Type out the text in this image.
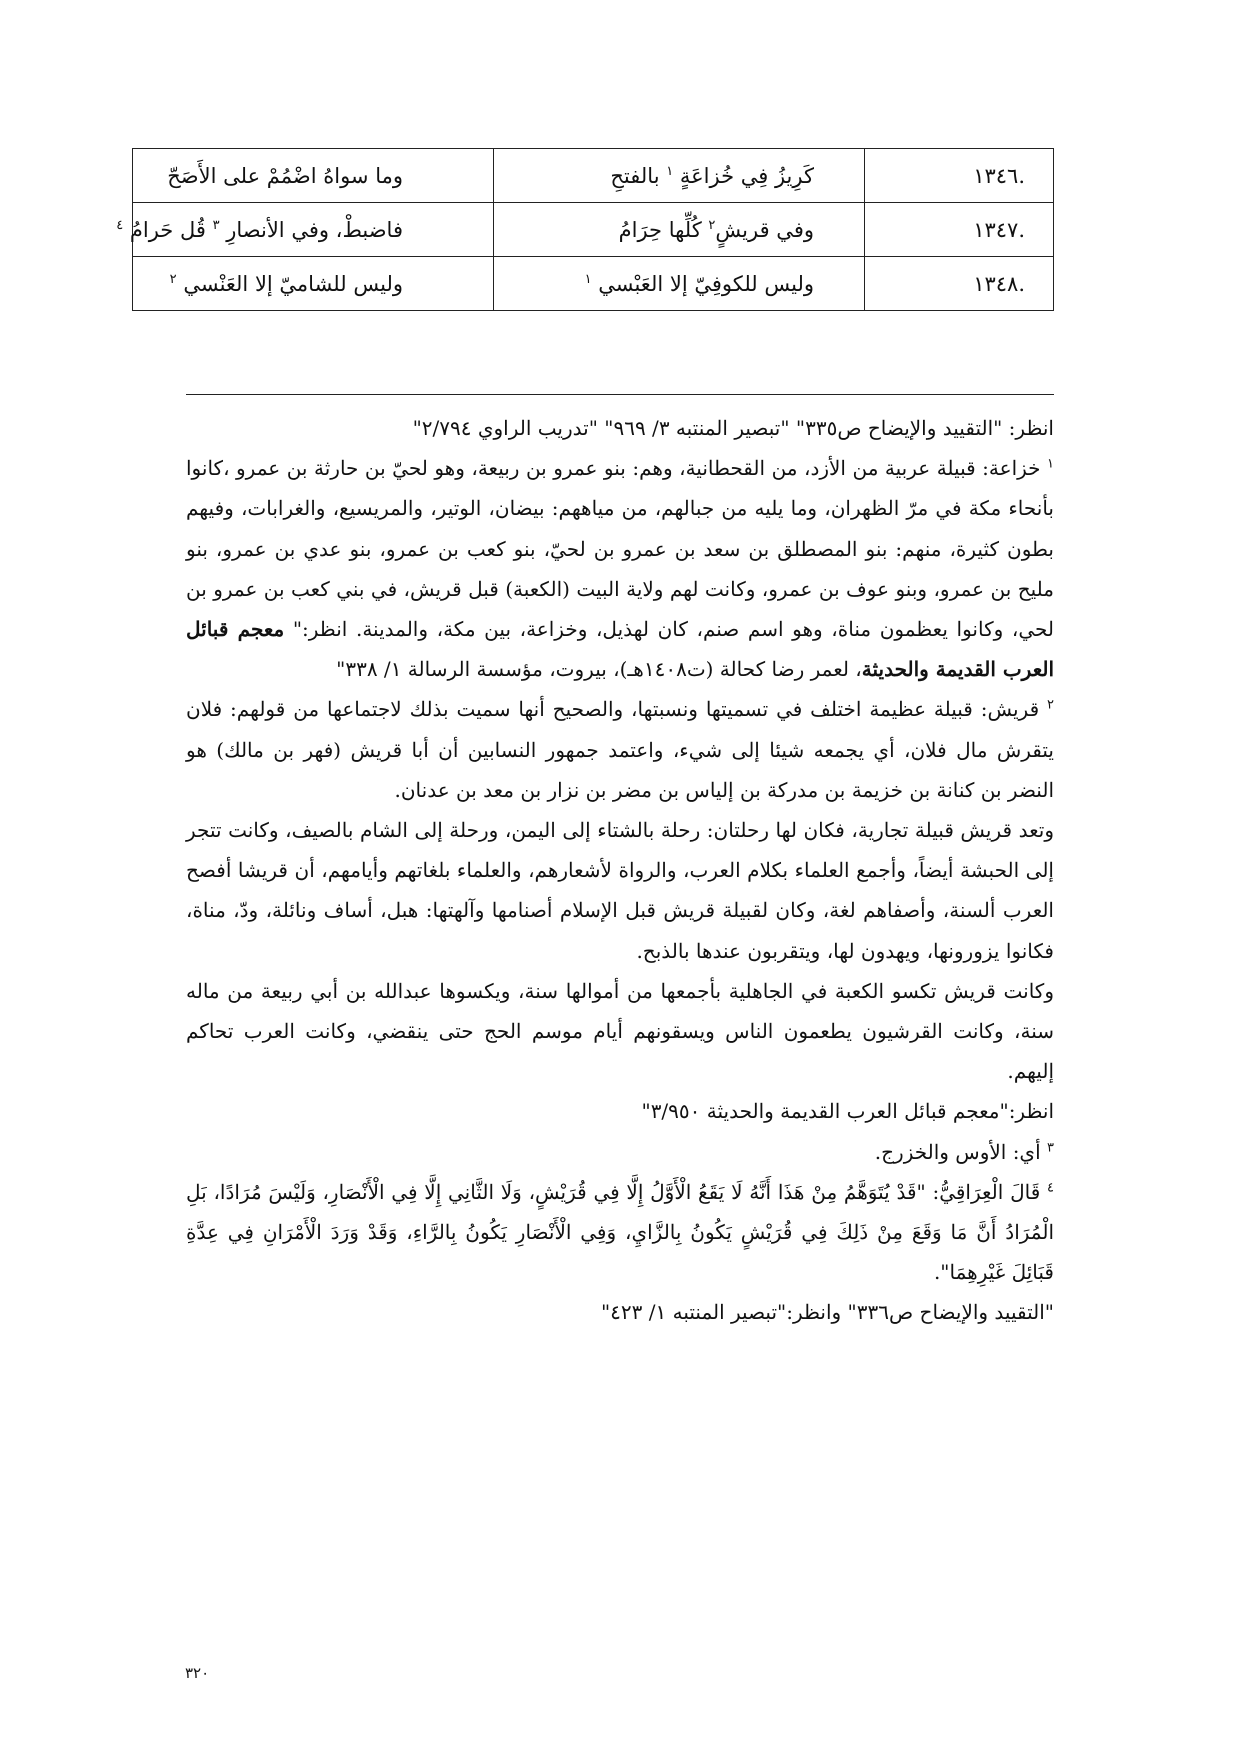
.١٣٤٦	كَرِيزُ فِي خُزاعَةٍ $^١$ بالفتحِ	وما سواهُ اضْمُمْ على الأَصَحّ
.١٣٤٧	وفي قريشٍ$^٢$ كُلِّها حِرَامُ	فاضبطْ، وفي الأنصارِ $^٣$ قُل حَرامُ $^٤$
.١٣٤٨	وليس للكوفِيّ إلا العَبْسي $^١$	وليس للشاميّ إلا العَنْسي $^٢$

انظر: "التقييد والإيضاح ص٣٣٥" "تبصير المنتبه ٣/ ٩٦٩" "تدريب الراوي ٢/٧٩٤"

$^١$ خزاعة: قبيلة عربية من الأزد، من القحطانية، وهم: بنو عمرو بن ربيعة، وهو لحيّ بن حارثة بن عمرو ،كانوا بأنحاء مكة في مرّ الظهران، وما يليه من جبالهم، من مياههم: بيضان، الوتير، والمريسيع، والغرابات، وفيهم بطون كثيرة، منهم: بنو المصطلق بن سعد بن عمرو بن لحيّ، بنو كعب بن عمرو، بنو عدي بن عمرو، بنو مليح بن عمرو، وبنو عوف بن عمرو، وكانت لهم ولاية البيت (الكعبة) قبل قريش، في بني كعب بن عمرو بن لحي، وكانوا يعظمون مناة، وهو اسم صنم، كان لهذيل، وخزاعة، بين مكة، والمدينة. انظر:" معجم قبائل العرب القديمة والحديثة، لعمر رضا كحالة (ت١٤٠٨هـ)، بيروت، مؤسسة الرسالة ١/ ٣٣٨"

$^٢$ قريش: قبيلة عظيمة اختلف في تسميتها ونسبتها، والصحيح أنها سميت بذلك لاجتماعها من قولهم: فلان يتقرش مال فلان، أي يجمعه شيئا إلى شيء، واعتمد جمهور النسابين أن أبا قريش (فهر بن مالك) هو النضر بن كنانة بن خزيمة بن مدركة بن إلياس بن مضر بن نزار بن معد بن عدنان.

وتعد قريش قبيلة تجارية، فكان لها رحلتان: رحلة بالشتاء إلى اليمن، ورحلة إلى الشام بالصيف، وكانت تتجر إلى الحبشة أيضاً، وأجمع العلماء بكلام العرب، والرواة لأشعارهم، والعلماء بلغاتهم وأيامهم، أن قريشا أفصح العرب ألسنة، وأصفاهم لغة، وكان لقبيلة قريش قبل الإسلام أصنامها وآلهتها: هبل، أساف ونائلة، ودّ، مناة، فكانوا يزورونها، ويهدون لها، ويتقربون عندها بالذبح.

وكانت قريش تكسو الكعبة في الجاهلية بأجمعها من أموالها سنة، ويكسوها عبدالله بن أبي ربيعة من ماله سنة، وكانت القرشيون يطعمون الناس ويسقونهم أيام موسم الحج حتى ينقضي، وكانت العرب تحاكم إليهم.

انظر:"معجم قبائل العرب القديمة والحديثة ٣/٩٥٠"

$^٣$ أي: الأوس والخزرج.

$^٤$ قَالَ الْعِرَاقِيُّ: "قَدْ يُتَوَهَّمُ مِنْ هَذَا أَنَّهُ لَا يَقَعُ الْأَوَّلُ إِلَّا فِي قُرَيْشٍ، وَلَا الثَّانِي إِلَّا فِي الْأَنْصَارِ، وَلَيْسَ مُرَادًا، بَلِ الْمُرَادُ أَنَّ مَا وَقَعَ مِنْ ذَلِكَ فِي قُرَيْشٍ يَكُونُ بِالزَّايِ، وَفِي الْأَنْصَارِ يَكُونُ بِالرَّاءِ، وَقَدْ وَرَدَ الْأَمْرَانِ فِي عِدَّةِ قَبَائِلَ غَيْرِهِمَا".

"التقييد والإيضاح ص٣٣٦" وانظر:"تبصير المنتبه ١/ ٤٢٣"

٣٢٠
